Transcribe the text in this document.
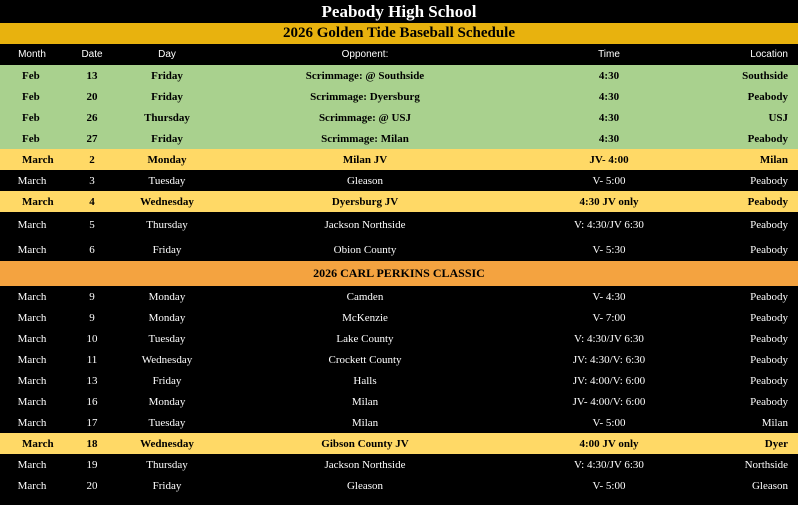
Peabody High School
2026 Golden Tide Baseball Schedule
Month	Date	Day	Opponent:	Time	Location
Feb	13	Friday	Scrimmage: @ Southside	4:30	Southside
Feb	20	Friday	Scrimmage: Dyersburg	4:30	Peabody
Feb	26	Thursday	Scrimmage: @ USJ	4:30	USJ
Feb	27	Friday	Scrimmage: Milan	4:30	Peabody
March	2	Monday	Milan JV	JV- 4:00	Milan
March	3	Tuesday	Gleason	V- 5:00	Peabody
March	4	Wednesday	Dyersburg JV	4:30 JV only	Peabody
March	5	Thursday	Jackson Northside	V: 4:30/JV 6:30	Peabody
March	6	Friday	Obion County	V- 5:30	Peabody
2026 CARL PERKINS CLASSIC
March	9	Monday	Camden	V- 4:30	Peabody
March	9	Monday	McKenzie	V- 7:00	Peabody
March	10	Tuesday	Lake County	V: 4:30/JV 6:30	Peabody
March	11	Wednesday	Crockett County	JV: 4:30/V: 6:30	Peabody
March	13	Friday	Halls	JV: 4:00/V: 6:00	Peabody
March	16	Monday	Milan	JV- 4:00/V: 6:00	Peabody
March	17	Tuesday	Milan	V- 5:00	Milan
March	18	Wednesday	Gibson County JV	4:00 JV only	Dyer
March	19	Thursday	Jackson Northside	V: 4:30/JV 6:30	Northside
March	20	Friday	Gleason	V- 5:00	Gleason
